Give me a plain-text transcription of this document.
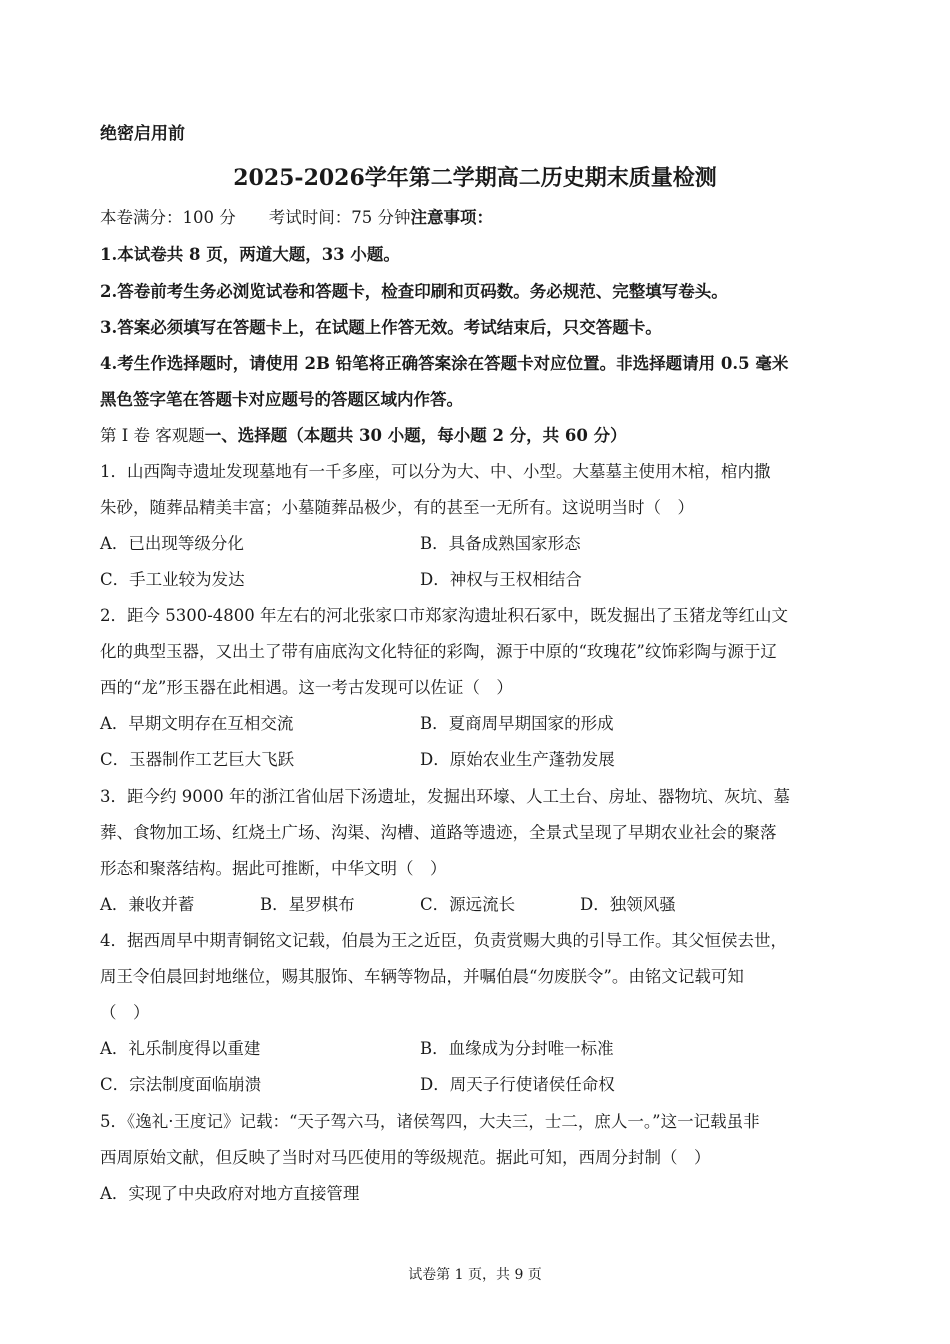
绝密启用前
2025-2026学年第二学期高二历史期末质量检测
本卷满分：100 分　　考试时间：75 分钟注意事项：
1.本试卷共 8 页，两道大题，33 小题。
2.答卷前考生务必浏览试卷和答题卡，检查印刷和页码数。务必规范、完整填写卷头。
3.答案必须填写在答题卡上，在试题上作答无效。考试结束后，只交答题卡。
4.考生作选择题时，请使用 2B 铅笔将正确答案涂在答题卡对应位置。非选择题请用 0.5 毫米
黑色签字笔在答题卡对应题号的答题区域内作答。
第 I 卷 客观题一、选择题（本题共 30 小题，每小题 2 分，共 60 分）
1．山西陶寺遗址发现墓地有一千多座，可以分为大、中、小型。大墓墓主使用木棺，棺内撒
朱砂，随葬品精美丰富；小墓随葬品极少，有的甚至一无所有。这说明当时（　）
A．已出现等级分化	B．具备成熟国家形态
C．手工业较为发达	D．神权与王权相结合
2．距今 5300-4800 年左右的河北张家口市郑家沟遗址积石冢中，既发掘出了玉猪龙等红山文
化的典型玉器，又出土了带有庙底沟文化特征的彩陶，源于中原的“玫瑰花”纹饰彩陶与源于辽
西的“龙”形玉器在此相遇。这一考古发现可以佐证（　）
A．早期文明存在互相交流	B．夏商周早期国家的形成
C．玉器制作工艺巨大飞跃	D．原始农业生产蓬勃发展
3．距今约 9000 年的浙江省仙居下汤遗址，发掘出环壕、人工土台、房址、器物坑、灰坑、墓
葬、食物加工场、红烧土广场、沟渠、沟槽、道路等遗迹，全景式呈现了早期农业社会的聚落
形态和聚落结构。据此可推断，中华文明（　）
A．兼收并蓄	B．星罗棋布	C．源远流长	D．独领风骚
4．据西周早中期青铜铭文记载，伯晨为王之近臣，负责赏赐大典的引导工作。其父恒侯去世，
周王令伯晨回封地继位，赐其服饰、车辆等物品，并嘱伯晨“勿废朕令”。由铭文记载可知
（　）
A．礼乐制度得以重建	B．血缘成为分封唯一标准
C．宗法制度面临崩溃	D．周天子行使诸侯任命权
5．《逸礼·王度记》记载：“天子驾六马，诸侯驾四，大夫三，士二，庶人一。”这一记载虽非
西周原始文献，但反映了当时对马匹使用的等级规范。据此可知，西周分封制（　）
A．实现了中央政府对地方直接管理
试卷第 1 页，共 9 页
